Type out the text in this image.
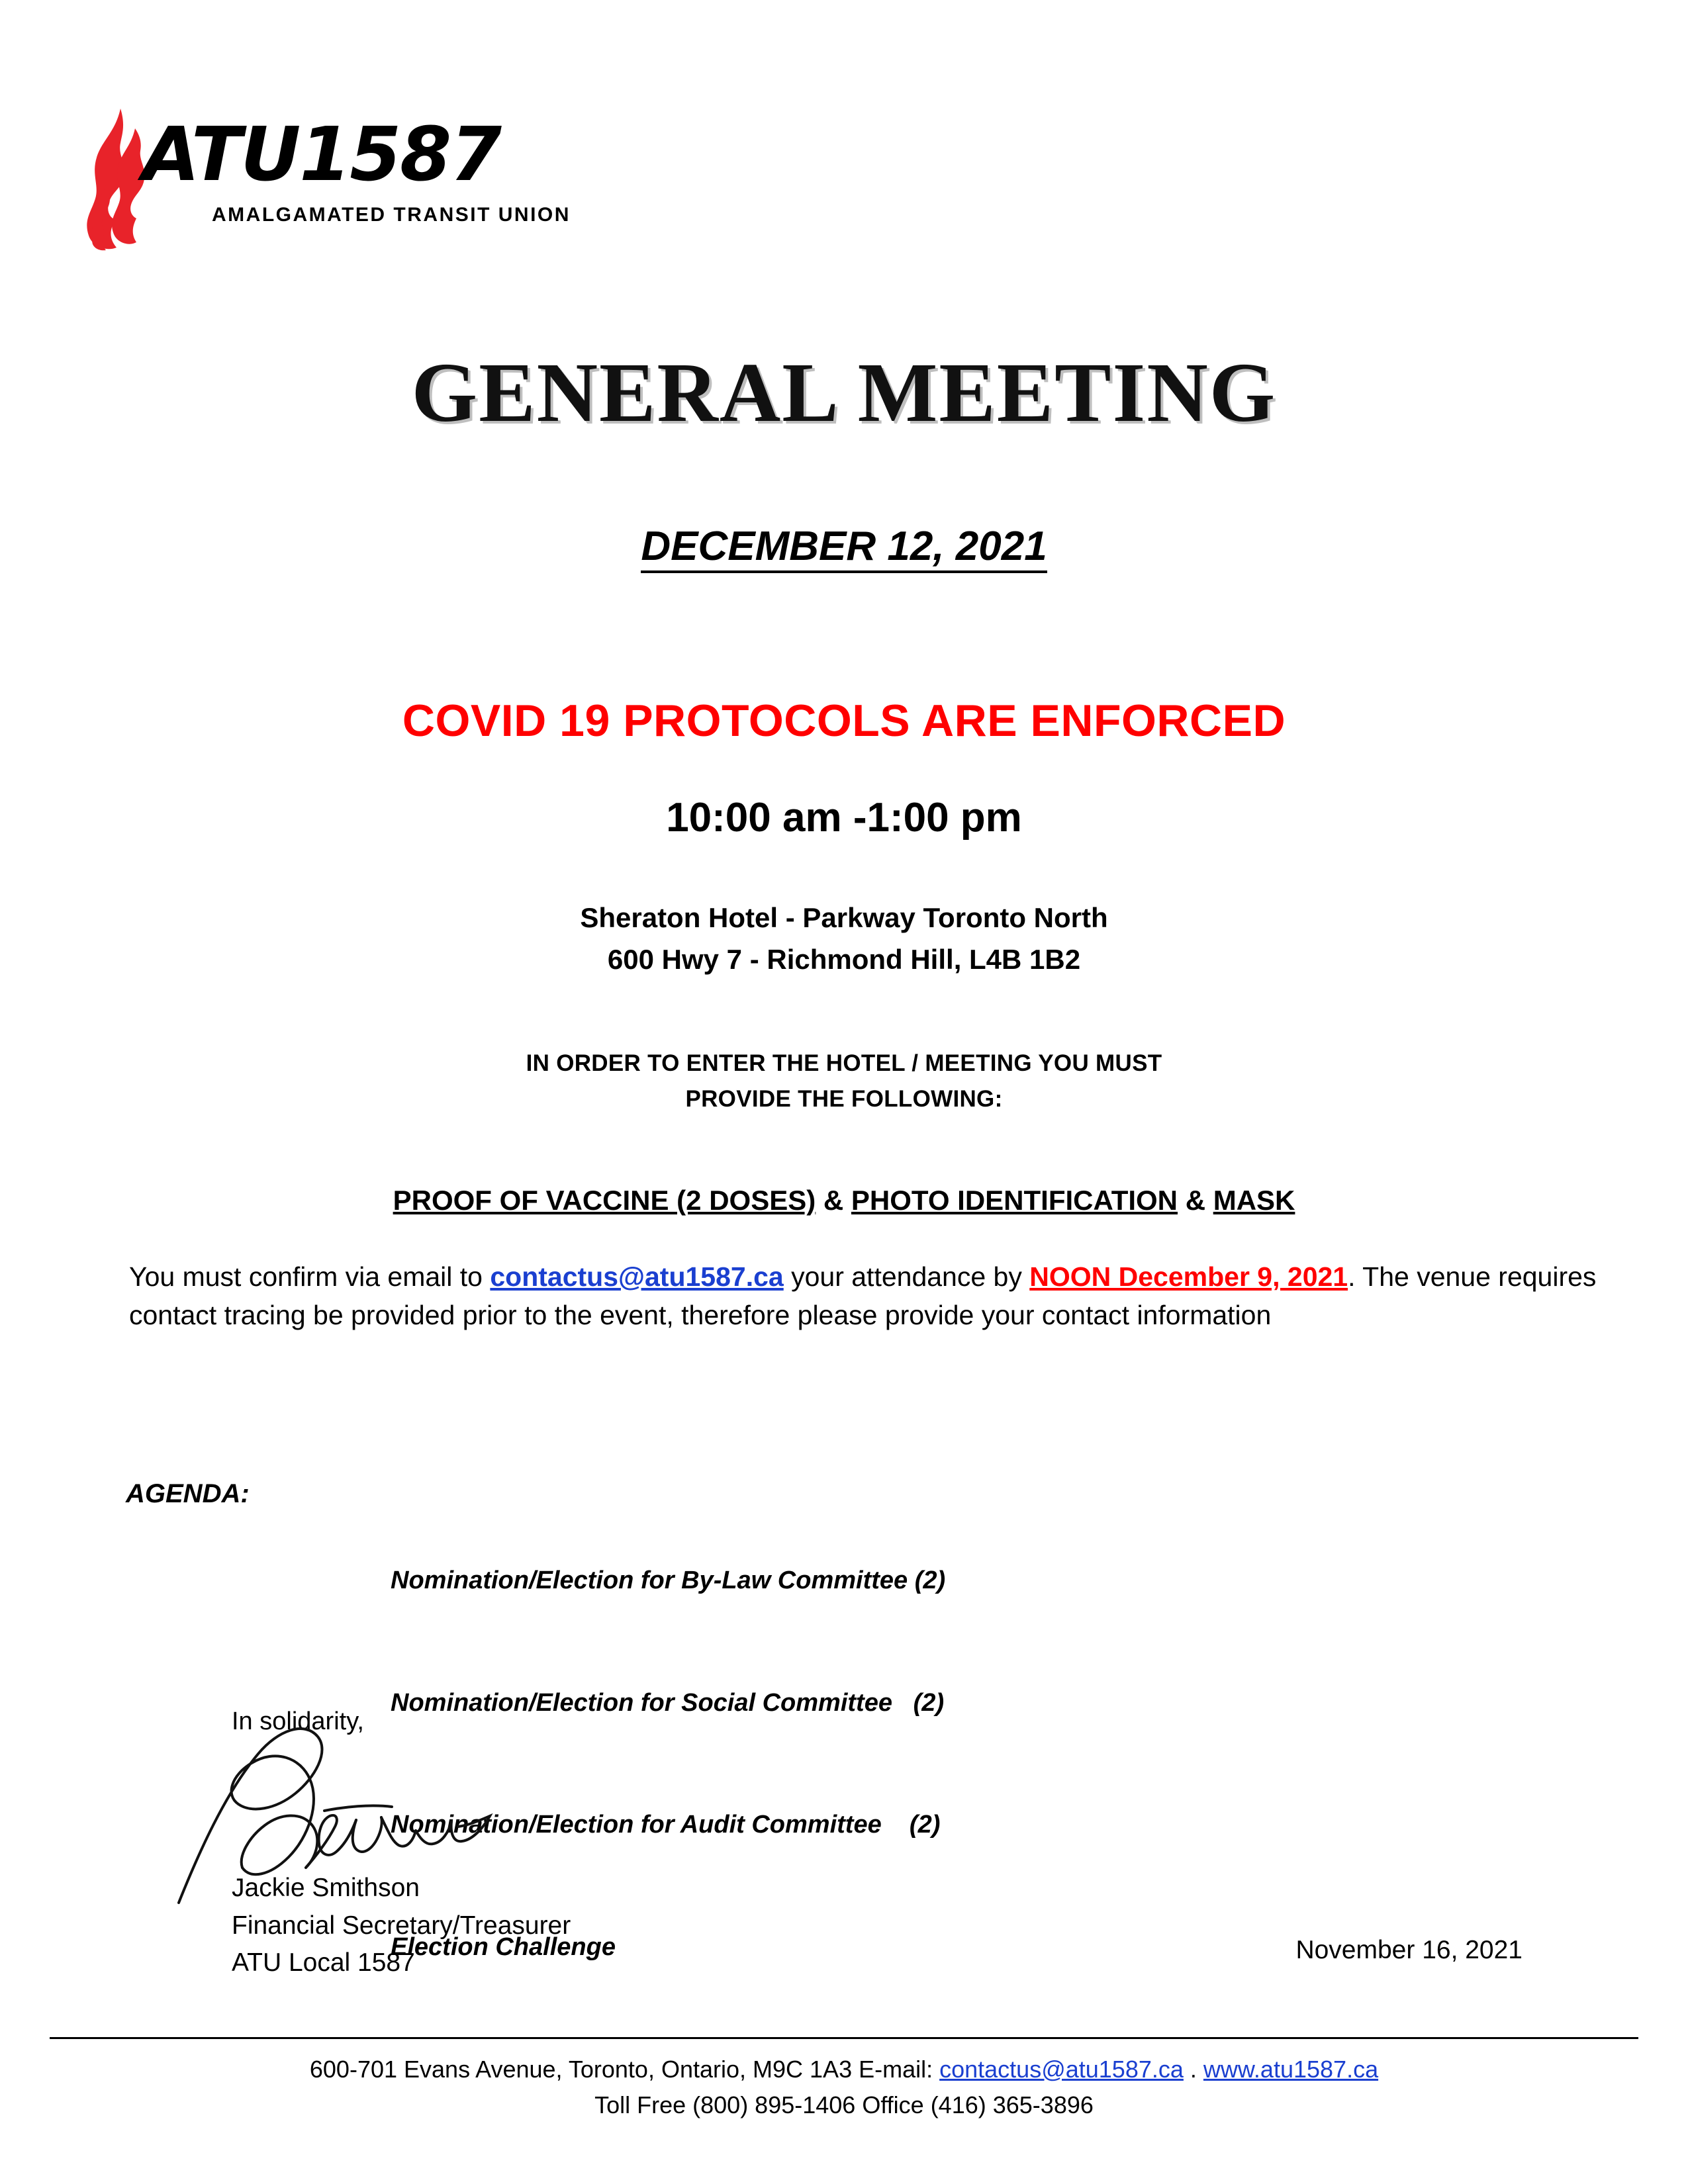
ATU1587
AMALGAMATED TRANSIT UNION
GENERAL MEETING
DECEMBER 12, 2021
COVID 19 PROTOCOLS ARE ENFORCED
10:00 am -1:00 pm
Sheraton Hotel - Parkway Toronto North
600 Hwy 7 - Richmond Hill, L4B 1B2
IN ORDER TO ENTER THE HOTEL / MEETING YOU MUST
PROVIDE THE FOLLOWING:
PROOF OF VACCINE (2 DOSES) & PHOTO IDENTIFICATION & MASK
You must confirm via email to contactus@atu1587.ca your attendance by NOON December 9, 2021. The venue requires contact tracing be provided prior to the event, therefore please provide your contact information
AGENDA:

Nomination/Election for By-Law Committee (2)

Nomination/Election for Social Committee   (2)

Nomination/Election for Audit Committee    (2)

Election Challenge

In solidarity,
Jackie Smithson
Financial Secretary/Treasurer
ATU Local 1587	November 16, 2021
600-701 Evans Avenue, Toronto, Ontario, M9C 1A3 E-mail: contactus@atu1587.ca . www.atu1587.ca
Toll Free (800) 895-1406 Office (416) 365-3896
